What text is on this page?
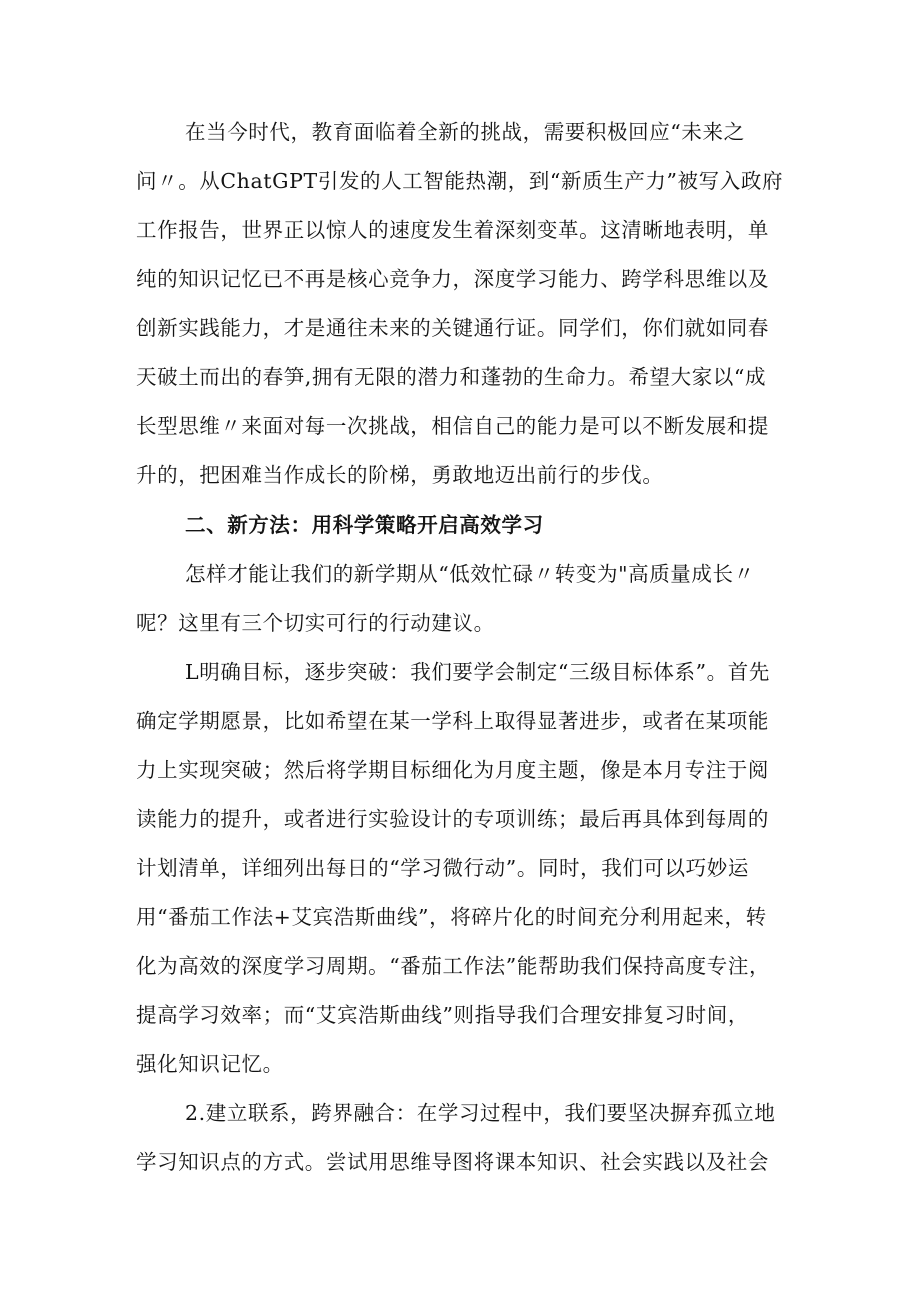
在当今时代，教育面临着全新的挑战，需要积极回应“未来之

问〃。从ChatGPT引发的人工智能热潮，到“新质生产力”被写入政府

工作报告，世界正以惊人的速度发生着深刻变革。这清晰地表明，单

纯的知识记忆已不再是核心竞争力，深度学习能力、跨学科思维以及

创新实践能力，才是通往未来的关键通行证。同学们，你们就如同春

天破土而出的春笋,拥有无限的潜力和蓬勃的生命力。希望大家以“成

长型思维〃来面对每一次挑战，相信自己的能力是可以不断发展和提

升的，把困难当作成长的阶梯，勇敢地迈出前行的步伐。

二、新方法：用科学策略开启高效学习

怎样才能让我们的新学期从“低效忙碌〃转变为"高质量成长〃

呢？这里有三个切实可行的行动建议。

L明确目标，逐步突破：我们要学会制定“三级目标体系”。首先

确定学期愿景，比如希望在某一学科上取得显著进步，或者在某项能

力上实现突破；然后将学期目标细化为月度主题，像是本月专注于阅

读能力的提升，或者进行实验设计的专项训练；最后再具体到每周的

计划清单，详细列出每日的“学习微行动”。同时，我们可以巧妙运

用“番茄工作法+艾宾浩斯曲线”，将碎片化的时间充分利用起来，转

化为高效的深度学习周期。“番茄工作法”能帮助我们保持高度专注，

提高学习效率；而“艾宾浩斯曲线”则指导我们合理安排复习时间，

强化知识记忆。

2.建立联系，跨界融合：在学习过程中，我们要坚决摒弃孤立地

学习知识点的方式。尝试用思维导图将课本知识、社会实践以及社会
